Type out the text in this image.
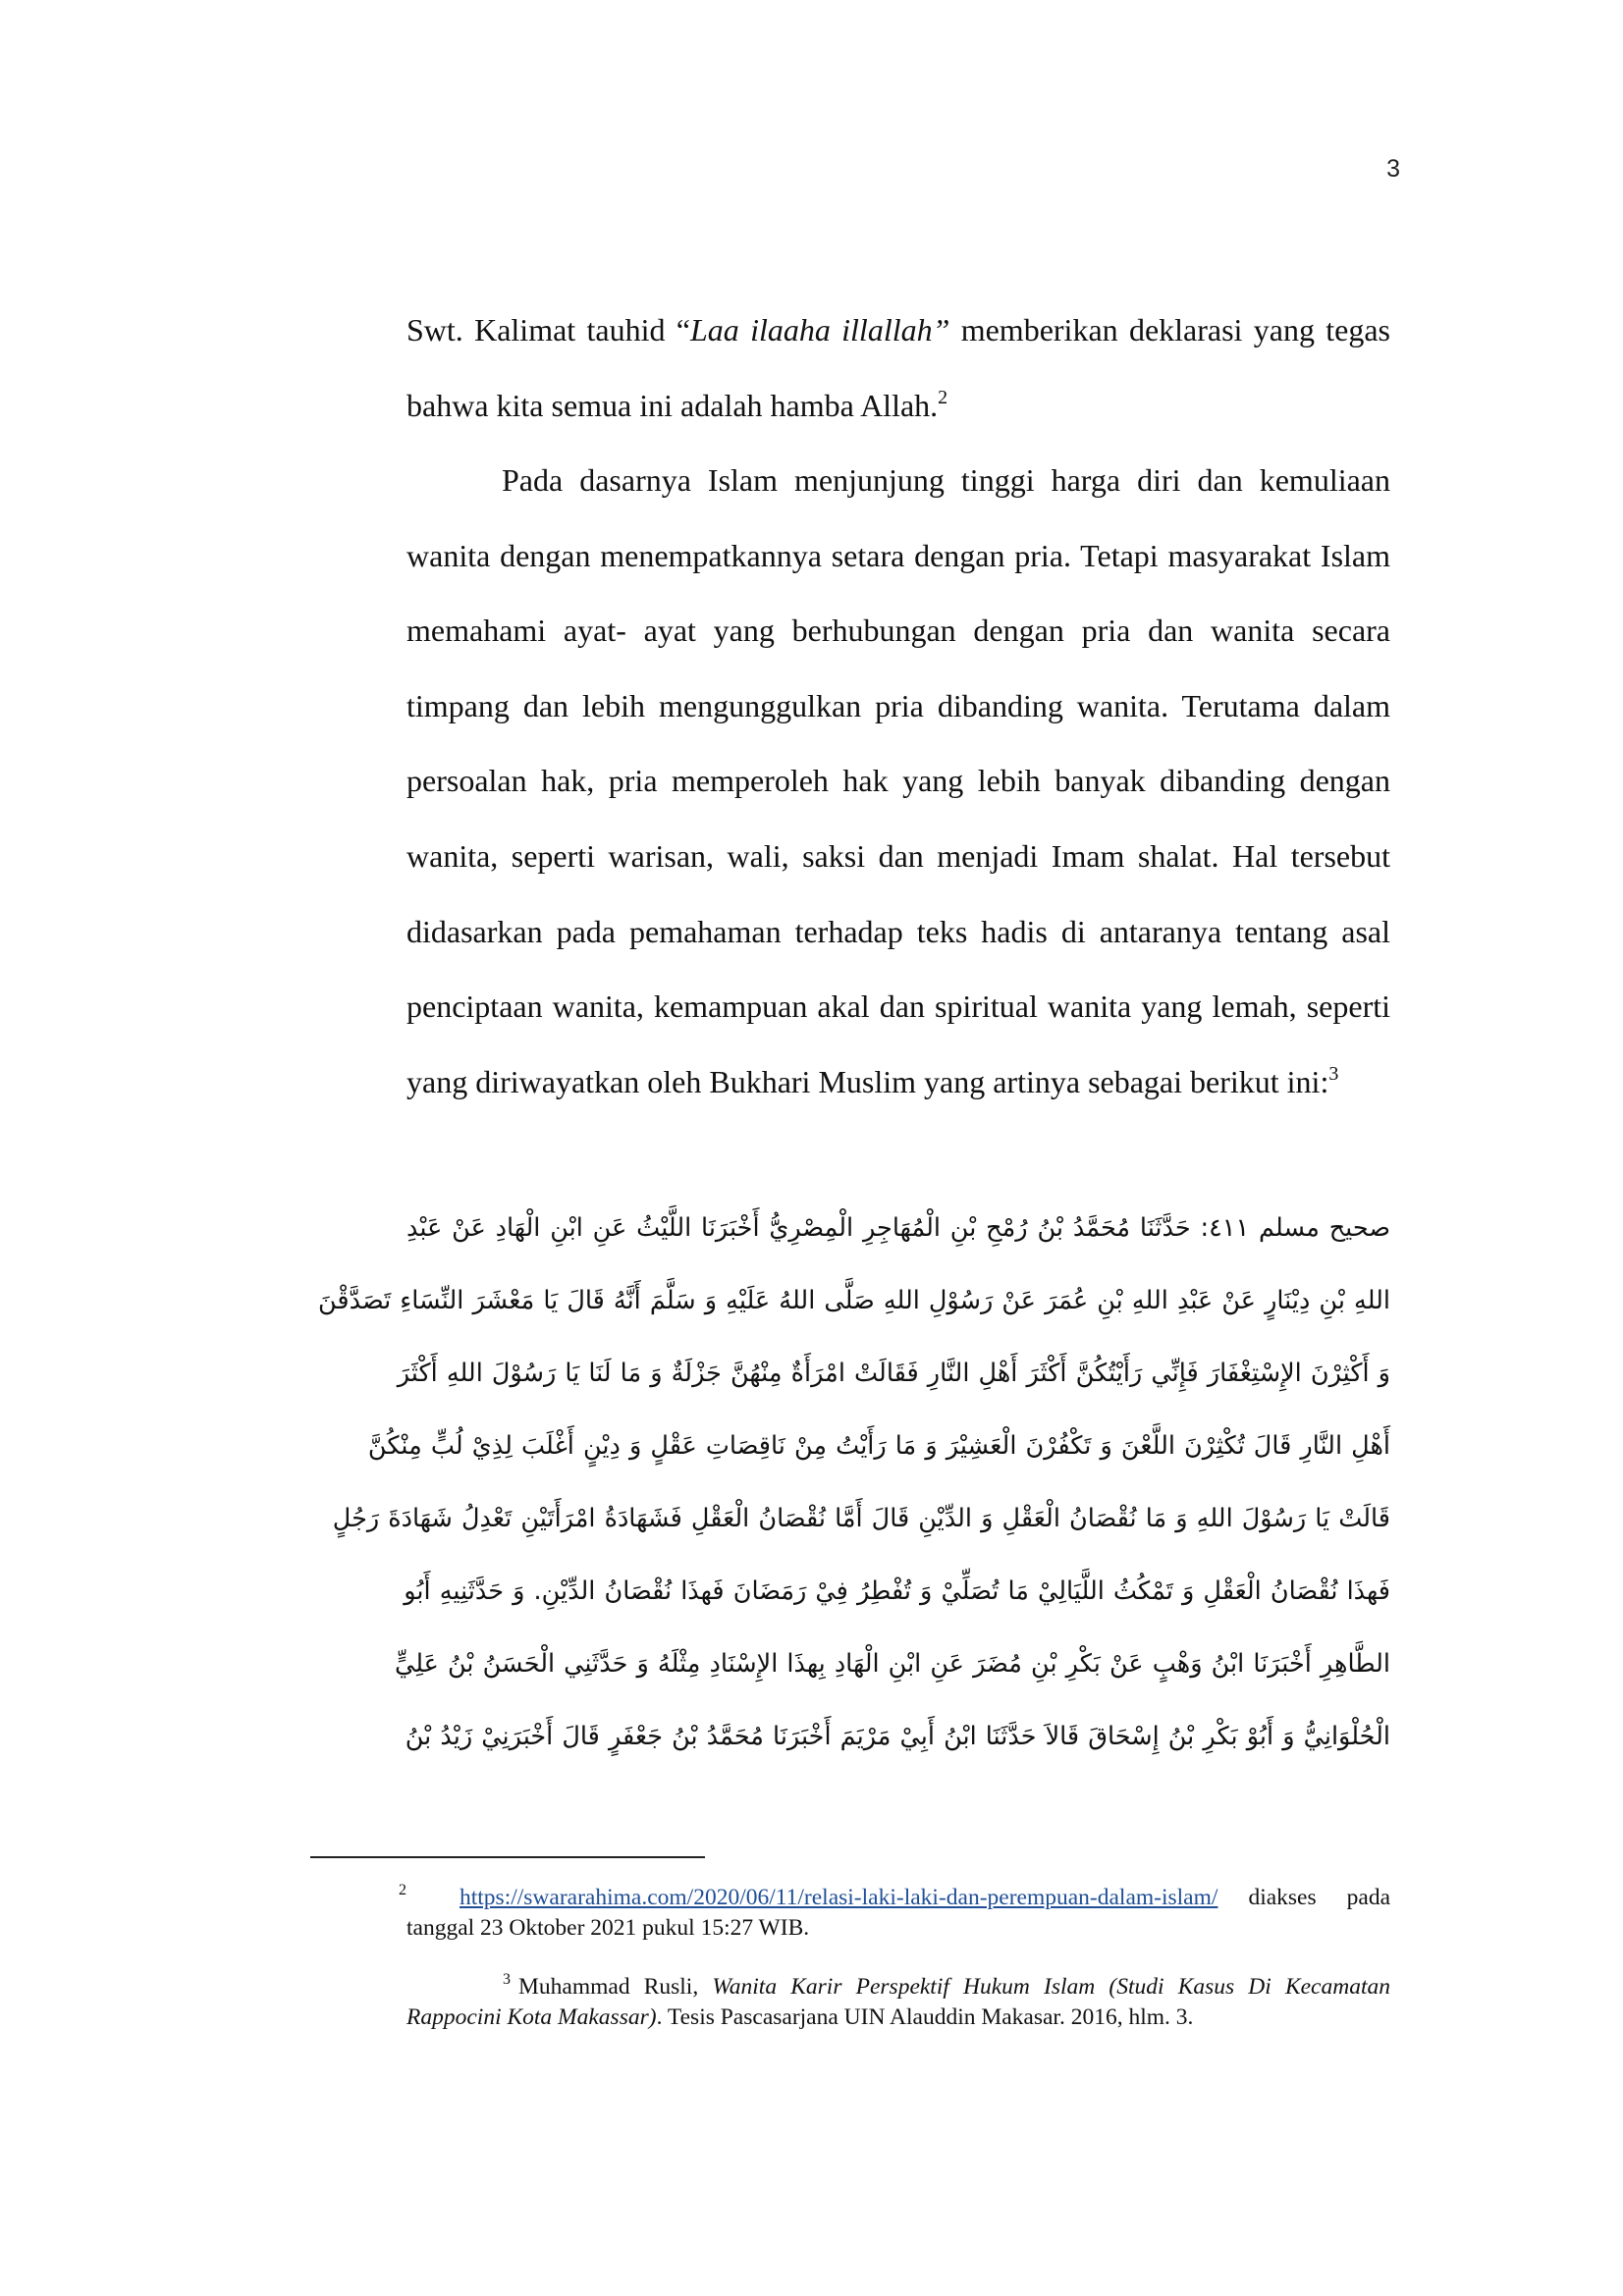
3

Swt. Kalimat tauhid “Laa ilaaha illallah” memberikan deklarasi yang tegas bahwa kita semua ini adalah hamba Allah.$^2$

Pada dasarnya Islam menjunjung tinggi harga diri dan kemuliaan wanita dengan menempatkannya setara dengan pria. Tetapi masyarakat Islam memahami ayat- ayat yang berhubungan dengan pria dan wanita secara timpang dan lebih mengunggulkan pria dibanding wanita. Terutama dalam persoalan hak, pria memperoleh hak yang lebih banyak dibanding dengan wanita, seperti warisan, wali, saksi dan menjadi Imam shalat. Hal tersebut didasarkan pada pemahaman terhadap teks hadis di antaranya tentang asal penciptaan wanita, kemampuan akal dan spiritual wanita yang lemah, seperti yang diriwayatkan oleh Bukhari Muslim yang artinya sebagai berikut ini:$^3$

صحيح مسلم ٤١١: حَدَّثَنَا مُحَمَّدُ بْنُ رُمْحِ بْنِ الْمُهَاجِرِ الْمِصْرِيُّ أَخْبَرَنَا اللَّيْثُ عَنِ ابْنِ الْهَادِ عَنْ عَبْدِ
اللهِ بْنِ دِيْنَارٍ عَنْ عَبْدِ اللهِ بْنِ عُمَرَ عَنْ رَسُوْلِ اللهِ صَلَّى اللهُ عَلَيْهِ وَ سَلَّمَ أَنَّهُ قَالَ يَا مَعْشَرَ النِّسَاءِ تَصَدَّقْنَ
وَ أَكْثِرْنَ الإِسْتِغْفَارَ فَإِنِّي رَأَيْتُكُنَّ أَكْثَرَ أَهْلِ النَّارِ فَقَالَتْ امْرَأَةٌ مِنْهُنَّ جَزْلَةٌ وَ مَا لَنَا يَا رَسُوْلَ اللهِ أَكْثَرَ
أَهْلِ النَّارِ قَالَ تُكْثِرْنَ اللَّعْنَ وَ تَكْفُرْنَ الْعَشِيْرَ وَ مَا رَأَيْتُ مِنْ نَاقِصَاتِ عَقْلٍ وَ دِيْنٍ أَغْلَبَ لِذِيْ لُبٍّ مِنْكُنَّ
قَالَتْ يَا رَسُوْلَ اللهِ وَ مَا نُقْصَانُ الْعَقْلِ وَ الدِّيْنِ قَالَ أَمَّا نُقْصَانُ الْعَقْلِ فَشَهَادَةُ امْرَأَتَيْنِ تَعْدِلُ شَهَادَةَ رَجُلٍ
فَهذَا نُقْصَانُ الْعَقْلِ وَ تَمْكُثُ اللَّيَالِيْ مَا تُصَلِّيْ وَ تُفْطِرُ فِيْ رَمَضَانَ فَهذَا نُقْصَانُ الدِّيْنِ. وَ حَدَّثَنِيهِ أَبُو
الطَّاهِرِ أَخْبَرَنَا ابْنُ وَهْبٍ عَنْ بَكْرِ بْنِ مُضَرَ عَنِ ابْنِ الْهَادِ بِهذَا الإِسْنَادِ مِثْلَهُ وَ حَدَّثَنِي الْحَسَنُ بْنُ عَلِيٍّ
الْحُلْوَانِيُّ وَ أَبُوْ بَكْرِ بْنُ إِسْحَاقَ قَالاَ حَدَّثَنَا ابْنُ أَبِيْ مَرْيَمَ أَخْبَرَنَا مُحَمَّدُ بْنُ جَعْفَرٍ قَالَ أَخْبَرَنِيْ زَيْدُ بْنُ
$^2$ https://swararahima.com/2020/06/11/relasi-laki-laki-dan-perempuan-dalam-islam/ diakses pada tanggal 23 Oktober 2021 pukul 15:27 WIB.
$^3$ Muhammad Rusli, Wanita Karir Perspektif Hukum Islam (Studi Kasus Di Kecamatan Rappocini Kota Makassar). Tesis Pascasarjana UIN Alauddin Makasar. 2016, hlm. 3.
